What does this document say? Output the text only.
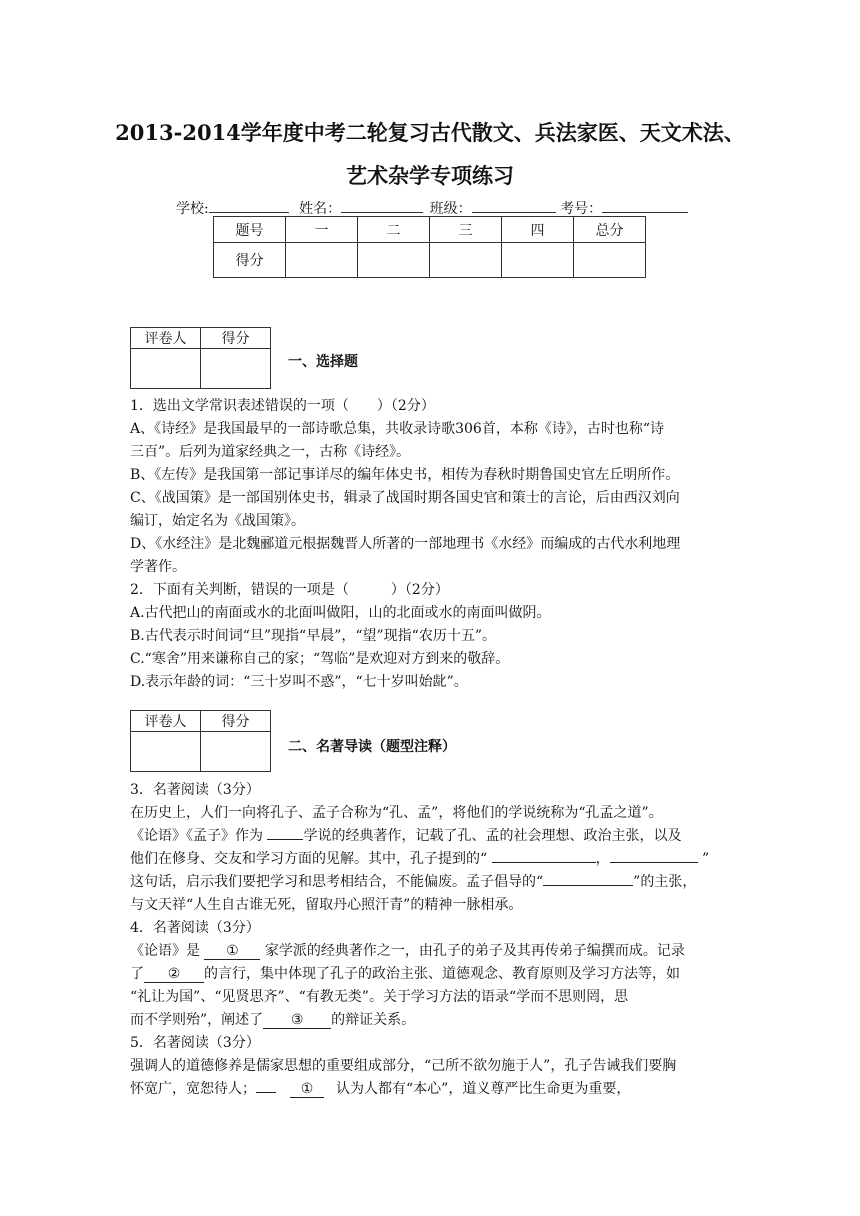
2013-2014学年度中考二轮复习古代散文、兵法家医、天文术法、
艺术杂学专项练习
学校:	姓名：	班级：	考号：
题号	一	二	三	四	总分
得分					
评卷人	得分

一、选择题
1．选出文学常识表述错误的一项（　　）（2分）
A、《诗经》是我国最早的一部诗歌总集，共收录诗歌306首，本称《诗》，古时也称“诗
三百”。后列为道家经典之一，古称《诗经》。
B、《左传》是我国第一部记事详尽的编年体史书，相传为春秋时期鲁国史官左丘明所作。
C、《战国策》是一部国别体史书，辑录了战国时期各国史官和策士的言论，后由西汉刘向
编订，始定名为《战国策》。
D、《水经注》是北魏郦道元根据魏晋人所著的一部地理书《水经》而编成的古代水利地理
学著作。
2．下面有关判断，错误的一项是（　　　）（2分）
A.古代把山的南面或水的北面叫做阳，山的北面或水的南面叫做阴。
B.古代表示时间词“旦”现指“早晨”，“望”现指“农历十五”。
C.“寒舍”用来谦称自己的家；“驾临”是欢迎对方到来的敬辞。
D.表示年龄的词：“三十岁叫不惑”，“七十岁叫始龀”。
评卷人	得分

二、名著导读（题型注释）
3．名著阅读（3分）
在历史上，人们一向将孔子、孟子合称为“孔、孟”，将他们的学说统称为“孔孟之道”。
《论语》《孟子》作为	学说的经典著作，记载了孔、孟的社会理想、政治主张，以及
他们在修身、交友和学习方面的见解。其中，孔子提到的“	，	”
这句话，启示我们要把学习和思考相结合，不能偏废。孟子倡导的“	”的主张，
与文天祥“人生自古谁无死，留取丹心照汗青”的精神一脉相承。
4．名著阅读（3分）
《论语》是 ① 家学派的经典著作之一，由孔子的弟子及其再传弟子编撰而成。记录
了 ② 的言行，集中体现了孔子的政治主张、道德观念、教育原则及学习方法等，如
“礼让为国”、“见贤思齐”、“有教无类”。关于学习方法的语录“学而不思则罔，思
而不学则殆”，阐述了 ③ 的辩证关系。
5．名著阅读（3分）
强调人的道德修养是儒家思想的重要组成部分，“己所不欲勿施于人”，孔子告诫我们要胸
怀宽广，宽恕待人；	① 认为人都有“本心”，道义尊严比生命更为重要，
